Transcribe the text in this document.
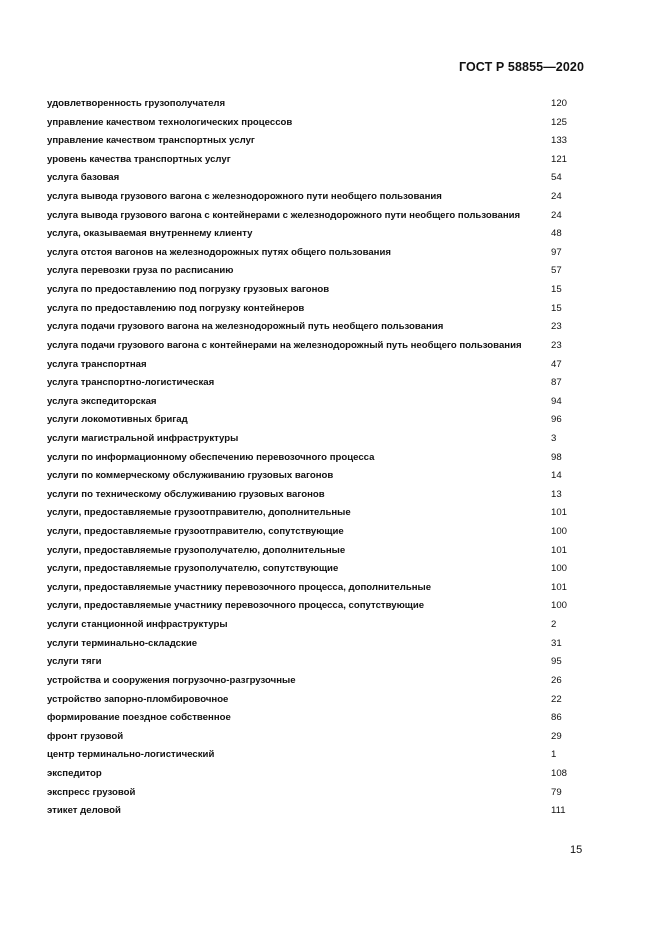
ГОСТ Р 58855—2020
удовлетворенность грузополучателя	120
управление качеством технологических процессов	125
управление качеством транспортных услуг	133
уровень качества транспортных услуг	121
услуга базовая	54
услуга вывода грузового вагона с железнодорожного пути необщего пользования	24
услуга вывода грузового вагона с контейнерами с железнодорожного пути необщего пользования	24
услуга, оказываемая внутреннему клиенту	48
услуга отстоя вагонов на железнодорожных путях общего пользования	97
услуга перевозки груза по расписанию	57
услуга по предоставлению под погрузку грузовых вагонов	15
услуга по предоставлению под погрузку контейнеров	15
услуга подачи грузового вагона на железнодорожный путь необщего пользования	23
услуга подачи грузового вагона с контейнерами на железнодорожный путь необщего пользования	23
услуга транспортная	47
услуга транспортно-логистическая	87
услуга экспедиторская	94
услуги локомотивных бригад	96
услуги магистральной инфраструктуры	3
услуги по информационному обеспечению перевозочного процесса	98
услуги по коммерческому обслуживанию грузовых вагонов	14
услуги по техническому обслуживанию грузовых вагонов	13
услуги, предоставляемые грузоотправителю, дополнительные	101
услуги, предоставляемые грузоотправителю, сопутствующие	100
услуги, предоставляемые грузополучателю, дополнительные	101
услуги, предоставляемые грузополучателю, сопутствующие	100
услуги, предоставляемые участнику перевозочного процесса, дополнительные	101
услуги, предоставляемые участнику перевозочного процесса, сопутствующие	100
услуги станционной инфраструктуры	2
услуги терминально-складские	31
услуги тяги	95
устройства и сооружения погрузочно-разгрузочные	26
устройство запорно-пломбировочное	22
формирование поездное собственное	86
фронт грузовой	29
центр терминально-логистический	1
экспедитор	108
экспресс грузовой	79
этикет деловой	111
15
